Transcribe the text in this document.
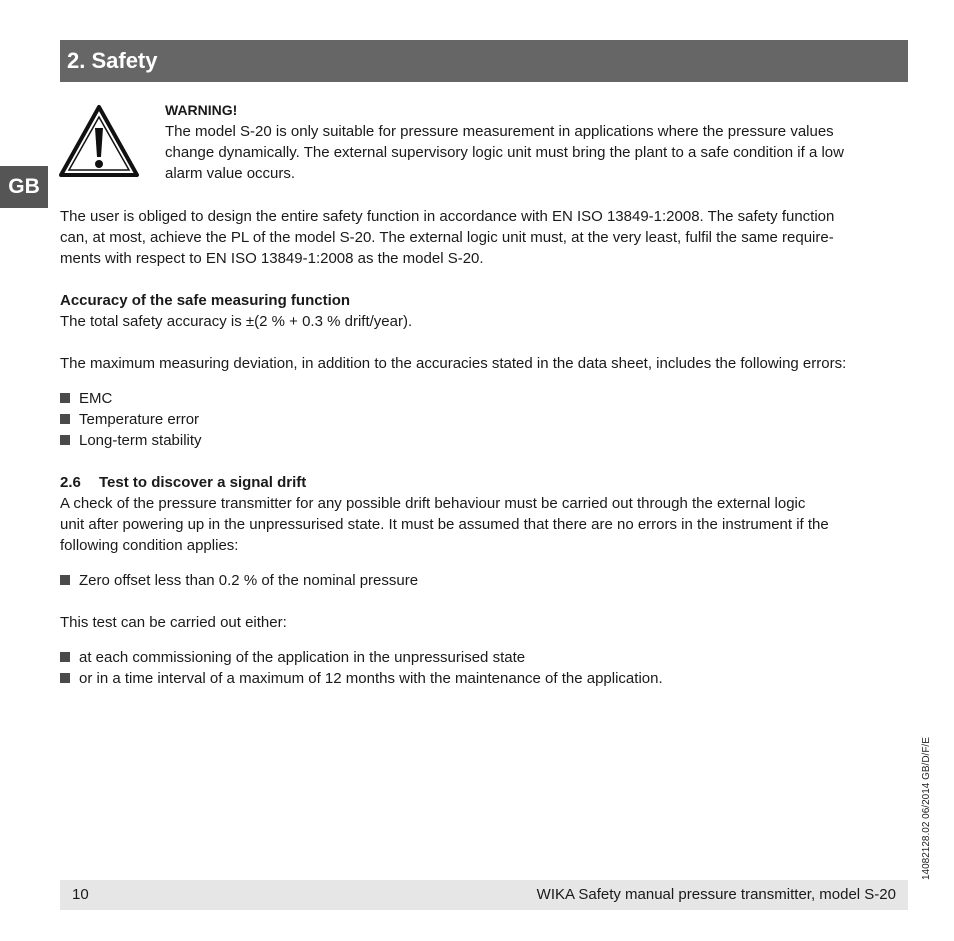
2. Safety
GB

WARNING!

The model S-20 is only suitable for pressure measurement in applications where the pressure values

change dynamically. The external supervisory logic unit must bring the plant to a safe condition if a low

alarm value occurs.

The user is obliged to design the entire safety function in accordance with EN ISO 13849-1:2008. The safety function

can, at most, achieve the PL of the model S-20. The external logic unit must, at the very least, fulfil the same require-

ments with respect to EN ISO 13849-1:2008 as the model S-20.

Accuracy of the safe measuring function

The total safety accuracy is ±(2 % + 0.3 % drift/year).

The maximum measuring deviation, in addition to the accuracies stated in the data sheet, includes the following errors:

EMC
Temperature error
Long-term stability

2.6 Test to discover a signal drift

A check of the pressure transmitter for any possible drift behaviour must be carried out through the external logic

unit after powering up in the unpressurised state. It must be assumed that there are no errors in the instrument if the

following condition applies:

Zero offset less than 0.2 % of the nominal pressure

This test can be carried out either:

at each commissioning of the application in the unpressurised state
or in a time interval of a maximum of 12 months with the maintenance of the application.
14082128.02 06/2014 GB/D/F/E
10	WIKA Safety manual pressure transmitter, model S-20
